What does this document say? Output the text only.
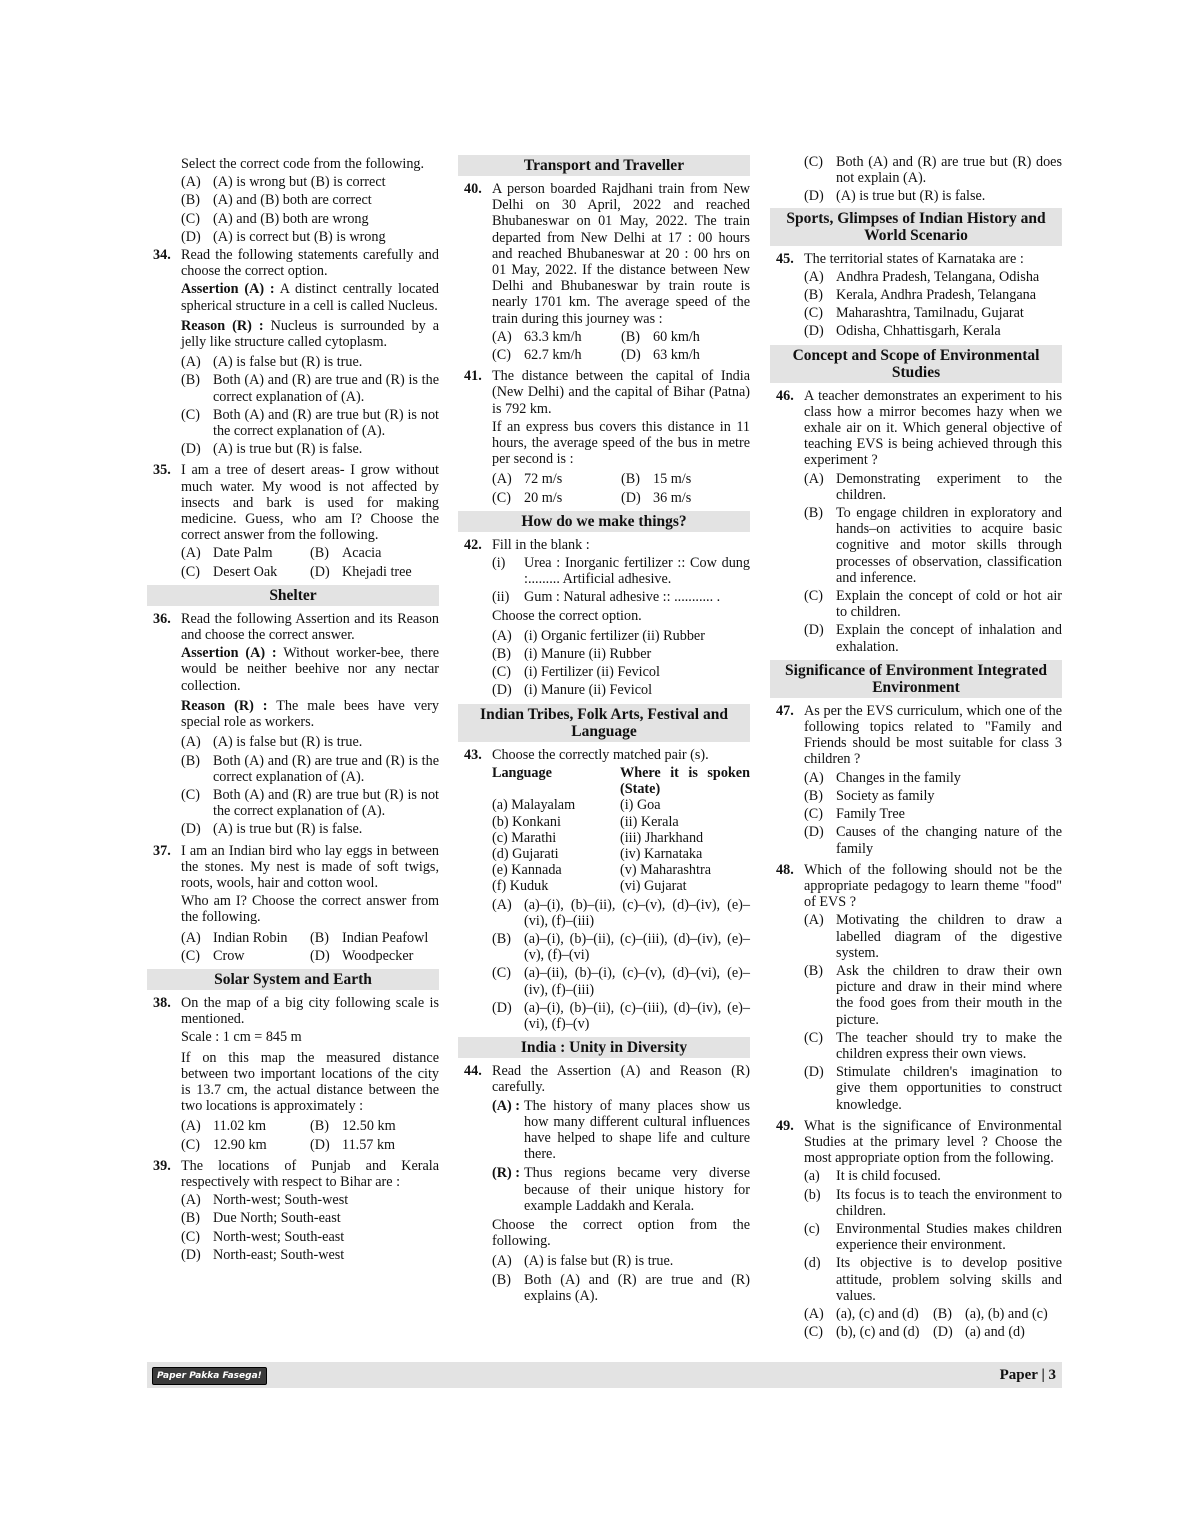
Select the correct code from the following.
(A) (A) is wrong but (B) is correct
(B) (A) and (B) both are correct
(C) (A) and (B) both are wrong
(D) (A) is correct but (B) is wrong
34. Read the following statements carefully and choose the correct option.
Assertion (A) : A distinct centrally located spherical structure in a cell is called Nucleus.
Reason (R) : Nucleus is surrounded by a jelly like structure called cytoplasm.
(A) (A) is false but (R) is true.
(B) Both (A) and (R) are true and (R) is the correct explanation of (A).
(C) Both (A) and (R) are true but (R) is not the correct explanation of (A).
(D) (A) is true but (R) is false.
35. I am a tree of desert areas- I grow without much water. My wood is not affected by insects and bark is used for making medicine. Guess, who am I? Choose the correct answer from the following.
(A) Date Palm	(B) Acacia
(C) Desert Oak	(D) Khejadi tree
Shelter
36. Read the following Assertion and its Reason and choose the correct answer.
Assertion (A) : Without worker-bee, there would be neither beehive nor any nectar collection.
Reason (R) : The male bees have very special role as workers.
(A) (A) is false but (R) is true.
(B) Both (A) and (R) are true and (R) is the correct explanation of (A).
(C) Both (A) and (R) are true but (R) is not the correct explanation of (A).
(D) (A) is true but (R) is false.
37. I am an Indian bird who lay eggs in between the stones. My nest is made of soft twigs, roots, wools, hair and cotton wool.
Who am I? Choose the correct answer from the following.
(A) Indian Robin	(B) Indian Peafowl
(C) Crow	(D) Woodpecker
Solar System and Earth
38. On the map of a big city following scale is mentioned.
Scale : 1 cm = 845 m
If on this map the measured distance between two important locations of the city is 13.7 cm, the actual distance between the two locations is approximately :
(A) 11.02 km	(B) 12.50 km
(C) 12.90 km	(D) 11.57 km
39. The locations of Punjab and Kerala respectively with respect to Bihar are :
(A) North-west; South-west
(B) Due North; South-east
(C) North-west; South-east
(D) North-east; South-west
Transport and Traveller
40. A person boarded Rajdhani train from New Delhi on 30 April, 2022 and reached Bhubaneswar on 01 May, 2022. The train departed from New Delhi at 17 : 00 hours and reached Bhubaneswar at 20 : 00 hrs on 01 May, 2022. If the distance between New Delhi and Bhubaneswar by train route is nearly 1701 km. The average speed of the train during this journey was :
(A) 63.3 km/h	(B) 60 km/h
(C) 62.7 km/h	(D) 63 km/h
41. The distance between the capital of India (New Delhi) and the capital of Bihar (Patna) is 792 km.
If an express bus covers this distance in 11 hours, the average speed of the bus in metre per second is :
(A) 72 m/s	(B) 15 m/s
(C) 20 m/s	(D) 36 m/s
How do we make things?
42. Fill in the blank :
(i) Urea : Inorganic fertilizer :: Cow dung :......... Artificial adhesive.
(ii) Gum : Natural adhesive :: ........... .
Choose the correct option.
(A) (i) Organic fertilizer (ii) Rubber
(B) (i) Manure (ii) Rubber
(C) (i) Fertilizer (ii) Fevicol
(D) (i) Manure (ii) Fevicol
Indian Tribes, Folk Arts, Festival and Language
43. Choose the correctly matched pair (s).
Language	Where it is spoken (State)
(a) Malayalam	(i) Goa
(b) Konkani	(ii) Kerala
(c) Marathi	(iii) Jharkhand
(d) Gujarati	(iv) Karnataka
(e) Kannada	(v) Maharashtra
(f) Kuduk	(vi) Gujarat
(A) (a)–(i), (b)–(ii), (c)–(v), (d)–(iv), (e)–(vi), (f)–(iii)
(B) (a)–(i), (b)–(ii), (c)–(iii), (d)–(iv), (e)–(v), (f)–(vi)
(C) (a)–(ii), (b)–(i), (c)–(v), (d)–(vi), (e)–(iv), (f)–(iii)
(D) (a)–(i), (b)–(ii), (c)–(iii), (d)–(iv), (e)–(vi), (f)–(v)
India : Unity in Diversity
44. Read the Assertion (A) and Reason (R) carefully.
(A) : The history of many places show us how many different cultural influences have helped to shape life and culture there.
(R) : Thus regions became very diverse because of their unique history for example Laddakh and Kerala.
Choose the correct option from the following.
(A) (A) is false but (R) is true.
(B) Both (A) and (R) are true and (R) explains (A).
(C) Both (A) and (R) are true but (R) does not explain (A).
(D) (A) is true but (R) is false.
Sports, Glimpses of Indian History and World Scenario
45. The territorial states of Karnataka are :
(A) Andhra Pradesh, Telangana, Odisha
(B) Kerala, Andhra Pradesh, Telangana
(C) Maharashtra, Tamilnadu, Gujarat
(D) Odisha, Chhattisgarh, Kerala
Concept and Scope of Environmental Studies
46. A teacher demonstrates an experiment to his class how a mirror becomes hazy when we exhale air on it. Which general objective of teaching EVS is being achieved through this experiment ?
(A) Demonstrating experiment to the children.
(B) To engage children in exploratory and hands–on activities to acquire basic cognitive and motor skills through processes of observation, classification and inference.
(C) Explain the concept of cold or hot air to children.
(D) Explain the concept of inhalation and exhalation.
Significance of Environment Integrated Environment
47. As per the EVS curriculum, which one of the following topics related to "Family and Friends should be most suitable for class 3 children ?
(A) Changes in the family
(B) Society as family
(C) Family Tree
(D) Causes of the changing nature of the family
48. Which of the following should not be the appropriate pedagogy to learn theme "food" of EVS ?
(A) Motivating the children to draw a labelled diagram of the digestive system.
(B) Ask the children to draw their own picture and draw in their mind where the food goes from their mouth in the picture.
(C) The teacher should try to make the children express their own views.
(D) Stimulate children's imagination to give them opportunities to construct knowledge.
49. What is the significance of Environmental Studies at the primary level ? Choose the most appropriate option from the following.
(a) It is child focused.
(b) Its focus is to teach the environment to children.
(c) Environmental Studies makes children experience their environment.
(d) Its objective is to develop positive attitude, problem solving skills and values.
(A) (a), (c) and (d)	(B) (a), (b) and (c)
(C) (b), (c) and (d) (D) (a) and (d)
Paper Pakka Fasega!	Paper | 3
